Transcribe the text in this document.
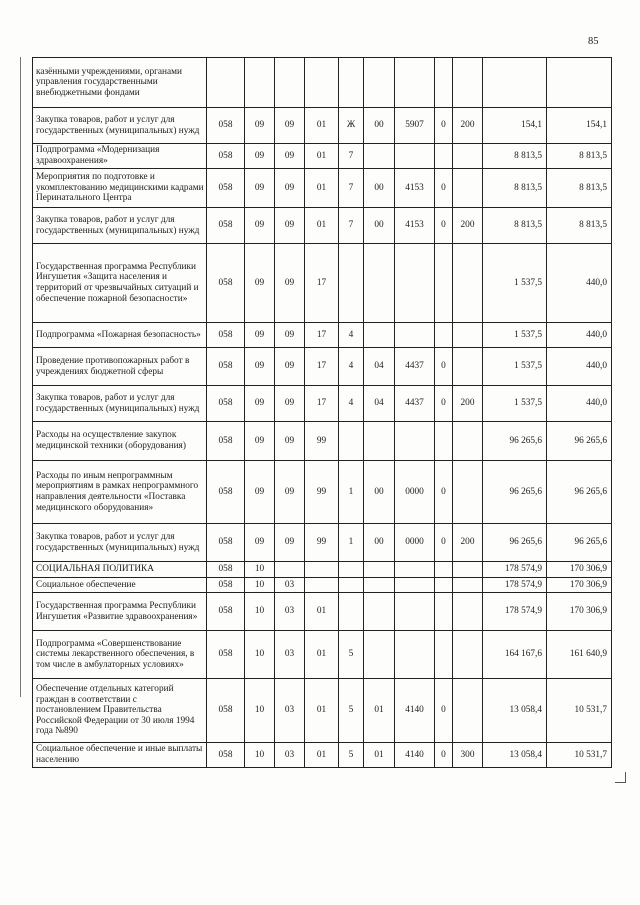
85
казёнными учреждениями, органами управления государственными внебюджетными фондами											
Закупка товаров, работ и услуг для государственных (муниципальных) нужд	058	09	09	01	Ж	00	5907	0	200	154,1	154,1
Подпрограмма «Модернизация здравоохранения»	058	09	09	01	7					8 813,5	8 813,5
Мероприятия по подготовке и укомплектованию медицинскими кадрами Перинатального Центра	058	09	09	01	7	00	4153	0		8 813,5	8 813,5
Закупка товаров, работ и услуг для государственных (муниципальных) нужд	058	09	09	01	7	00	4153	0	200	8 813,5	8 813,5
Государственная программа Республики Ингушетия «Защита населения и территорий от чрезвычайных ситуаций и обеспечение пожарной безопасности»	058	09	09	17						1 537,5	440,0
Подпрограмма «Пожарная безопасность»	058	09	09	17	4					1 537,5	440,0
Проведение противопожарных работ в учреждениях бюджетной сферы	058	09	09	17	4	04	4437	0		1 537,5	440,0
Закупка товаров, работ и услуг для государственных (муниципальных) нужд	058	09	09	17	4	04	4437	0	200	1 537,5	440,0
Расходы на осуществление закупок медицинской техники (оборудования)	058	09	09	99						96 265,6	96 265,6
Расходы по иным непрограммным мероприятиям в рамках непрограммного направления деятельности «Поставка медицинского оборудования»	058	09	09	99	1	00	0000	0		96 265,6	96 265,6
Закупка товаров, работ и услуг для государственных (муниципальных) нужд	058	09	09	99	1	00	0000	0	200	96 265,6	96 265,6
СОЦИАЛЬНАЯ ПОЛИТИКА	058	10								178 574,9	170 306,9
Социальное обеспечение	058	10	03							178 574,9	170 306,9
Государственная программа Республики Ингушетия «Развитие здравоохранения»	058	10	03	01						178 574,9	170 306,9
Подпрограмма «Совершенствование системы лекарственного обеспечения, в том числе в амбулаторных условиях»	058	10	03	01	5					164 167,6	161 640,9
Обеспечение отдельных категорий граждан в соответствии с постановлением Правительства Российской Федерации от 30 июля 1994 года №890	058	10	03	01	5	01	4140	0		13 058,4	10 531,7
Социальное обеспечение и иные выплаты населению	058	10	03	01	5	01	4140	0	300	13 058,4	10 531,7
